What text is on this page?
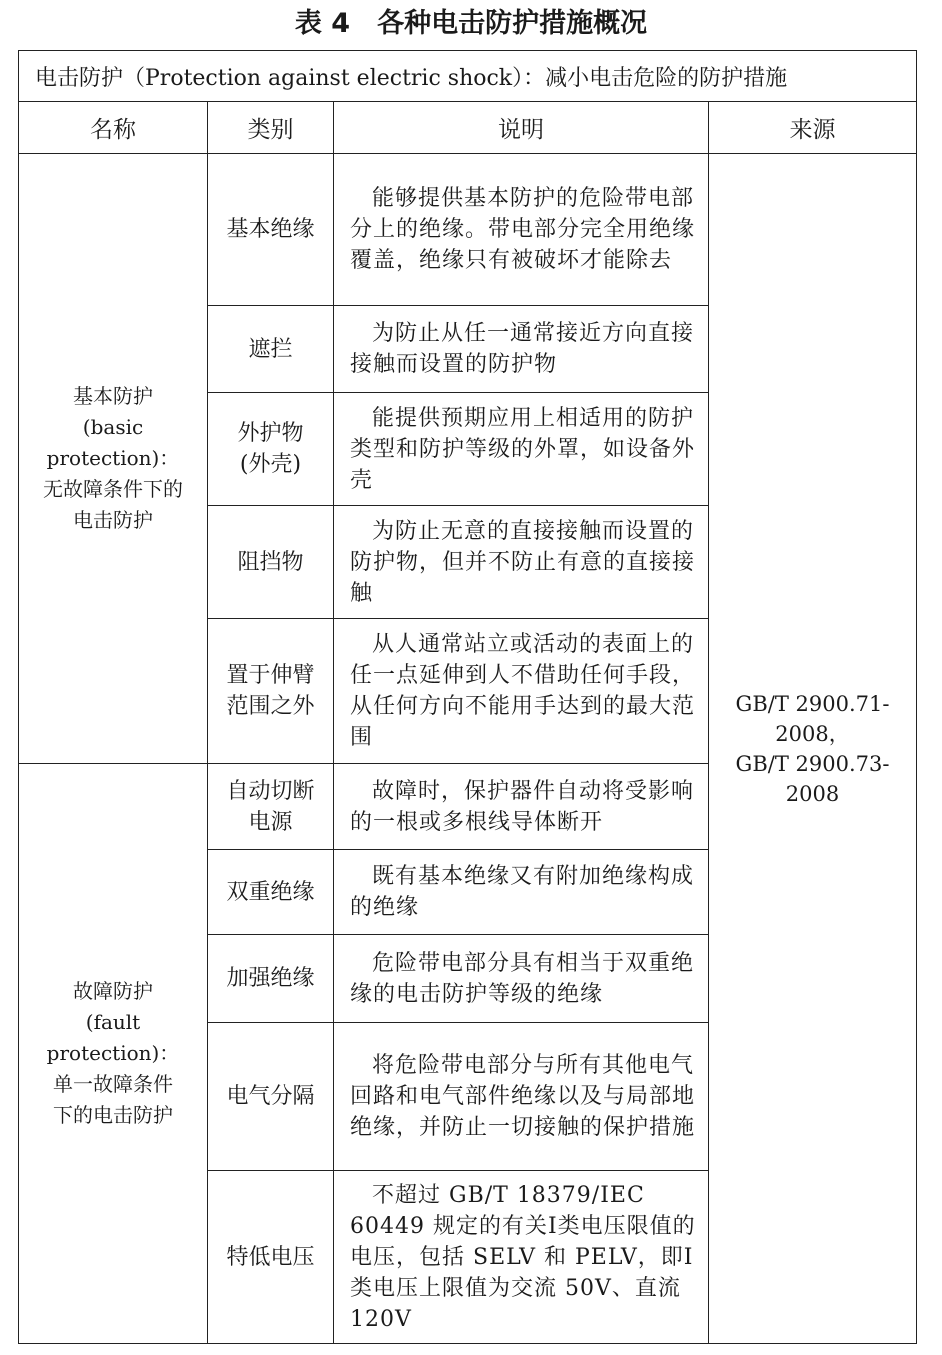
表 4　各种电击防护措施概况
电击防护（Protection against electric shock）：减小电击危险的防护措施			
名称	类别	说明	来源

基本防护
(basic protection)：
无故障条件下的
电击防护	基本绝缘	能够提供基本防护的危险带电部分上的绝缘。带电部分完全用绝缘覆盖，绝缘只有被破坏才能除去	GB/T 2900.71-
2008，
GB/T 2900.73-
2008

	遮拦	为防止从任一通常接近方向直接接触而设置的防护物	

	外护物
(外壳)	能提供预期应用上相适用的防护类型和防护等级的外罩，如设备外壳	

	阻挡物	为防止无意的直接接触而设置的防护物，但并不防止有意的直接接触	

	置于伸臂
范围之外	从人通常站立或活动的表面上的任一点延伸到人不借助任何手段，从任何方向不能用手达到的最大范围	

故障防护
(fault protection)：
单一故障条件
下的电击防护	自动切断
电源	故障时，保护器件自动将受影响的一根或多根线导体断开	

	双重绝缘	既有基本绝缘又有附加绝缘构成的绝缘	

	加强绝缘	危险带电部分具有相当于双重绝缘的电击防护等级的绝缘	

	电气分隔	将危险带电部分与所有其他电气回路和电气部件绝缘以及与局部地绝缘，并防止一切接触的保护措施	

	特低电压	不超过 GB/T 18379/IEC 60449 规定的有关Ⅰ类电压限值的电压，包括 SELV 和 PELV，即Ⅰ类电压上限值为交流 50V、直流 120V	
